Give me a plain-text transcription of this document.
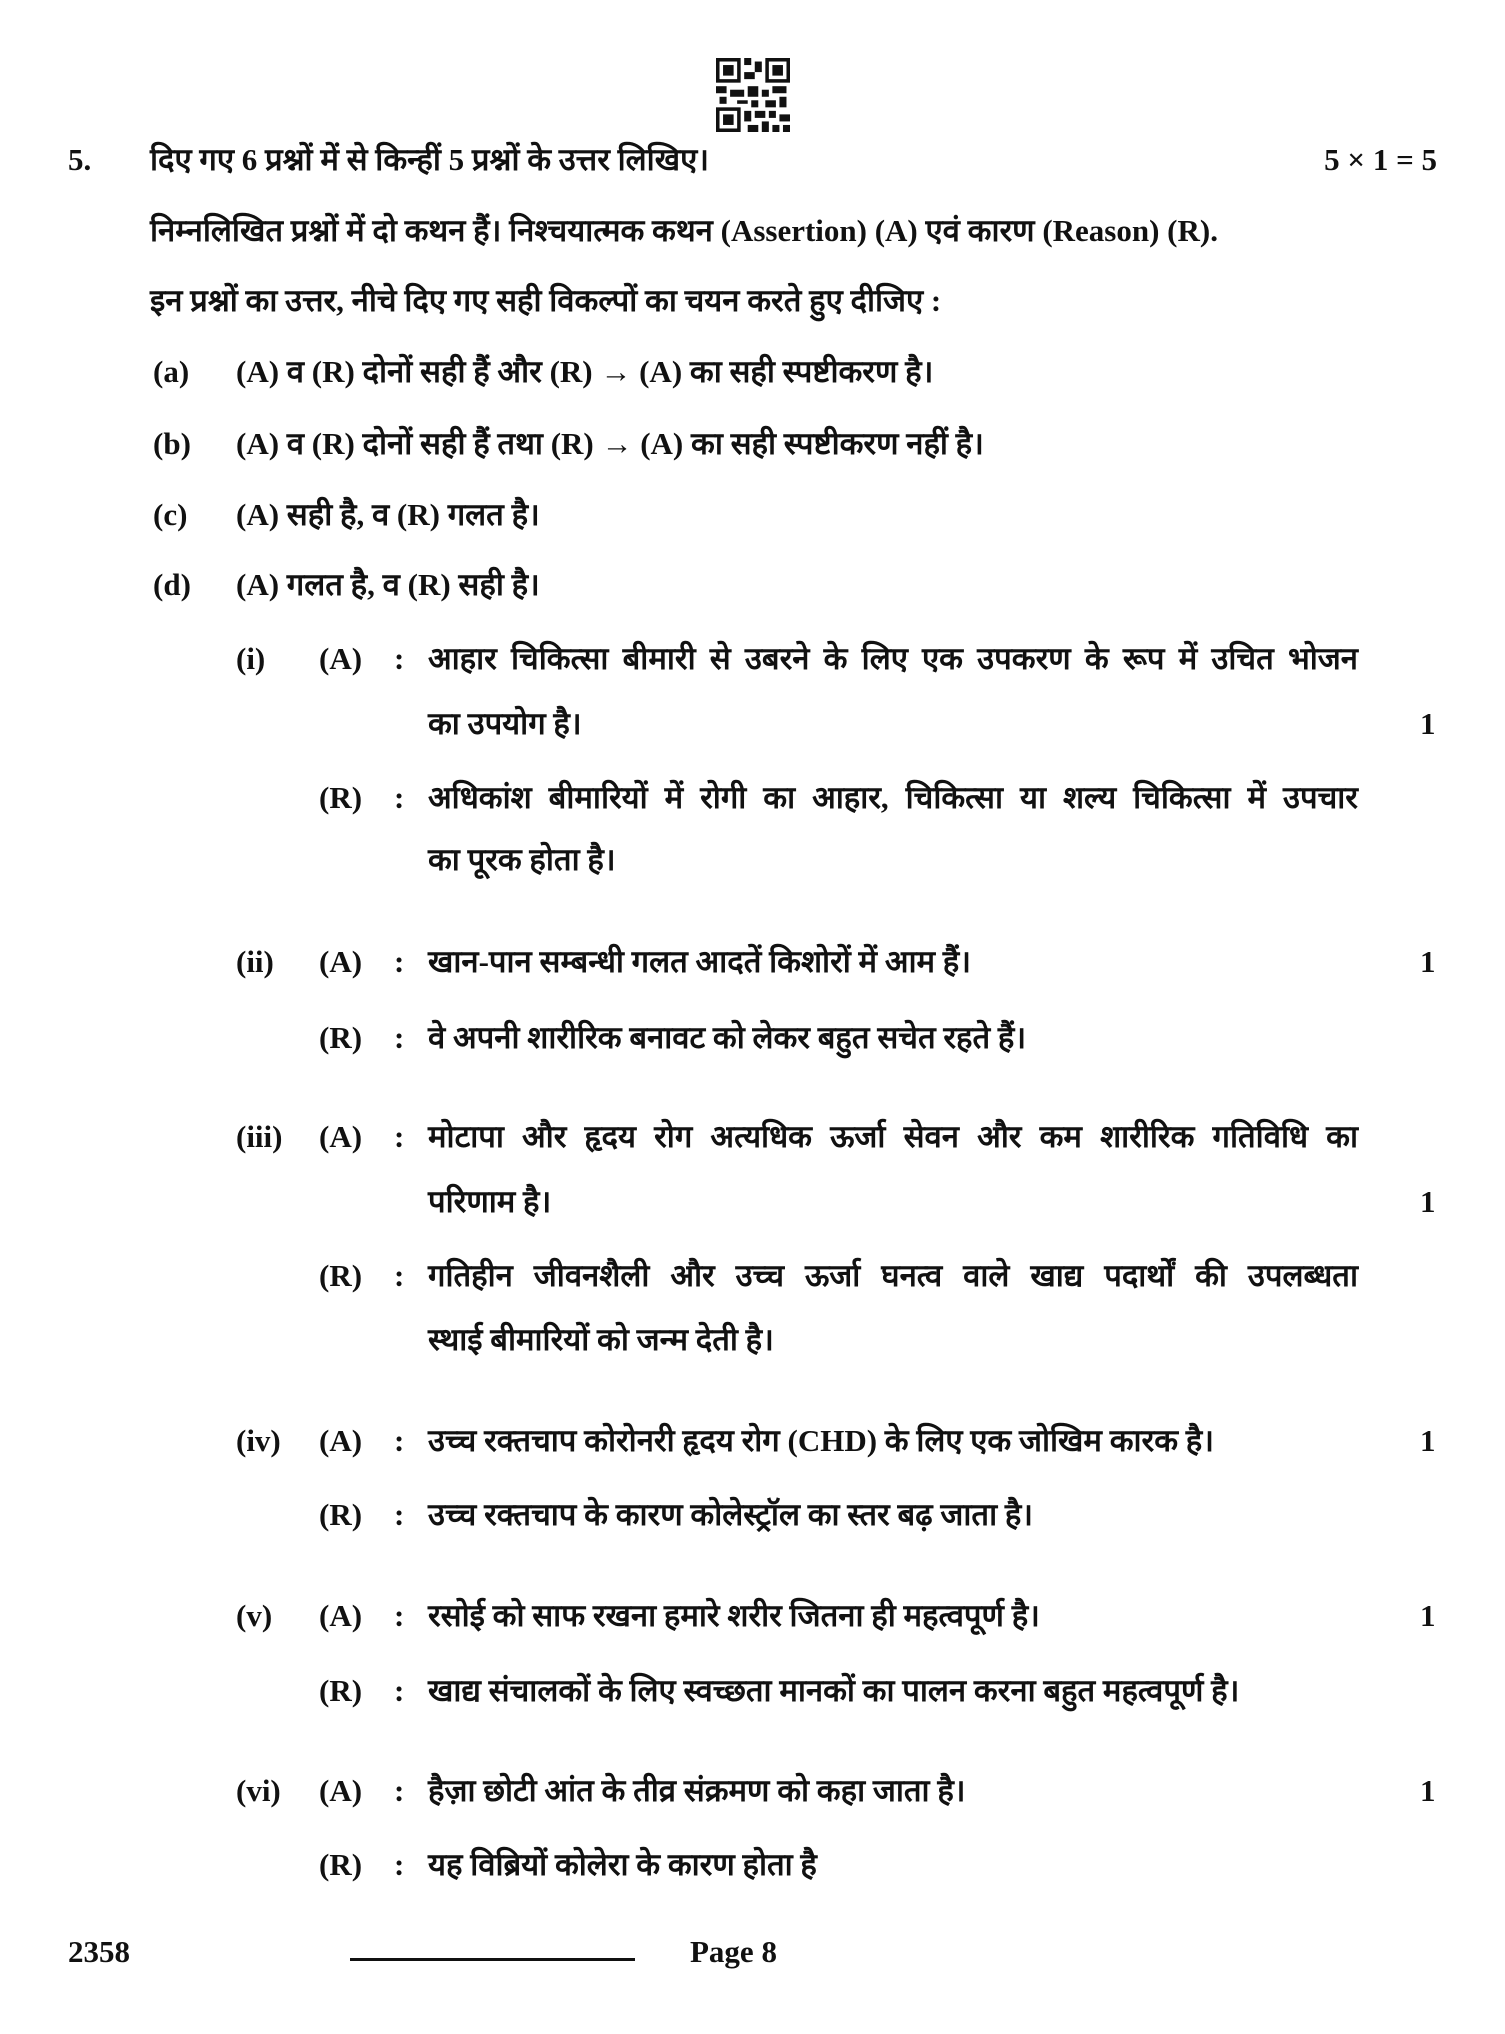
5. दिए गए 6 प्रश्नों में से किन्हीं 5 प्रश्नों के उत्तर लिखिए।	5 × 1 = 5
निम्नलिखित प्रश्नों में दो कथन हैं। निश्चयात्मक कथन (Assertion) (A) एवं कारण (Reason) (R).
इन प्रश्नों का उत्तर, नीचे दिए गए सही विकल्पों का चयन करते हुए दीजिए :
(a) (A) व (R) दोनों सही हैं और (R) → (A) का सही स्पष्टीकरण है।
(b) (A) व (R) दोनों सही हैं तथा (R) → (A) का सही स्पष्टीकरण नहीं है।
(c) (A) सही है, व (R) गलत है।
(d) (A) गलत है, व (R) सही है।
(i) (A) : आहार चिकित्सा बीमारी से उबरने के लिए एक उपकरण के रूप में उचित भोजन
का उपयोग है।
(R) : अधिकांश बीमारियों में रोगी का आहार, चिकित्सा या शल्य चिकित्सा में उपचार
का पूरक होता है।
1
(ii) (A) : खान-पान सम्बन्धी गलत आदतें किशोरों में आम हैं।
(R) : वे अपनी शारीरिक बनावट को लेकर बहुत सचेत रहते हैं।
1
(iii) (A) : मोटापा और हृदय रोग अत्यधिक ऊर्जा सेवन और कम शारीरिक गतिविधि का
परिणाम है।
(R) : गतिहीन जीवनशैली और उच्च ऊर्जा घनत्व वाले खाद्य पदार्थों की उपलब्धता
स्थाई बीमारियों को जन्म देती है।
1
(iv) (A) : उच्च रक्तचाप कोरोनरी हृदय रोग (CHD) के लिए एक जोखिम कारक है।
(R) : उच्च रक्तचाप के कारण कोलेस्ट्रॉल का स्तर बढ़ जाता है।
1
(v) (A) : रसोई को साफ रखना हमारे शरीर जितना ही महत्वपूर्ण है।
(R) : खाद्य संचालकों के लिए स्वच्छता मानकों का पालन करना बहुत महत्वपूर्ण है।
1
(vi) (A) : हैज़ा छोटी आंत के तीव्र संक्रमण को कहा जाता है।
(R) : यह विब्रियों कोलेरा के कारण होता है
1
2358	Page 8
